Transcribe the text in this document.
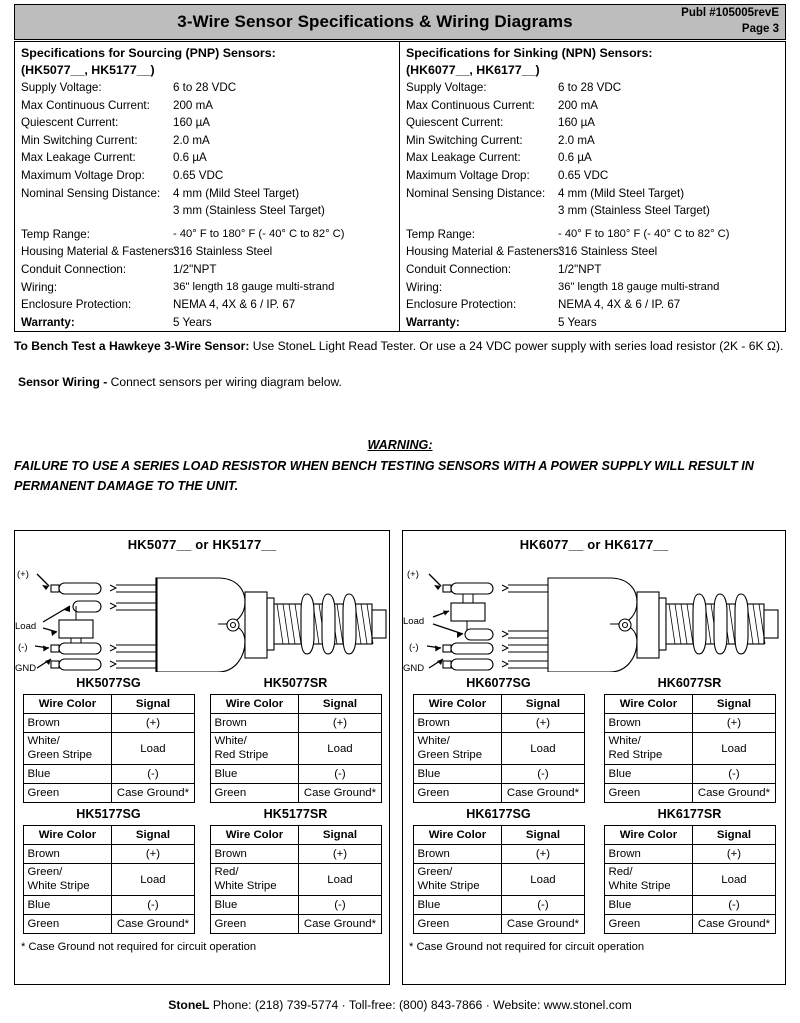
3-Wire Sensor Specifications & Wiring Diagrams	Publ #105005revE
Page 3
Specifications for Sourcing (PNP) Sensors:
(HK5077__, HK5177__)
Supply Voltage:	6 to 28 VDC
Max Continuous Current:	200 mA
Quiescent Current:	160 µA
Min Switching Current:	2.0 mA
Max Leakage Current:	0.6 µA
Maximum Voltage Drop:	0.65 VDC
Nominal Sensing Distance:	4 mm (Mild Steel Target)
3 mm (Stainless Steel Target)
Temp Range:	- 40° F to 180° F (- 40° C to 82° C)
Housing Material & Fasteners:
316 Stainless Steel
Conduit Connection:	1/2"NPT
Wiring:	36" length 18 gauge multi-strand
Enclosure Protection:	NEMA 4, 4X & 6 / IP. 67
Warranty:	5 Years
Specifications for Sinking (NPN) Sensors:
(HK6077__, HK6177__)
Supply Voltage:	6 to 28 VDC
Max Continuous Current:	200 mA
Quiescent Current:	160 µA
Min Switching Current:	2.0 mA
Max Leakage Current:	0.6 µA
Maximum Voltage Drop:	0.65 VDC
Nominal Sensing Distance:	4 mm (Mild Steel Target)
3 mm (Stainless Steel Target)
Temp Range:	- 40° F to 180° F (- 40° C to 82° C)
Housing Material & Fasteners:
316 Stainless Steel
Conduit Connection:	1/2"NPT
Wiring:	36" length 18 gauge multi-strand
Enclosure Protection:	NEMA 4, 4X & 6 / IP. 67
Warranty:	5 Years
To Bench Test a Hawkeye 3-Wire Sensor: Use StoneL Light Read Tester. Or use a 24 VDC power supply with series load resistor (2K - 6K Ω).
Sensor Wiring - Connect sensors per wiring diagram below.
WARNING:
FAILURE TO USE A SERIES LOAD RESISTOR WHEN BENCH TESTING SENSORS WITH A POWER SUPPLY WILL RESULT IN PERMANENT DAMAGE TO THE UNIT.
HK5077__ or HK5177__
(+)
Load
(-)
GND
HK5077SG
Wire Color	Signal
Brown	(+)
White/
Green Stripe	Load
Blue	(-)
Green	Case Ground*
HK5077SR
Wire Color	Signal
Brown	(+)
White/
Red Stripe	Load
Blue	(-)
Green	Case Ground*
HK5177SG
Wire Color	Signal
Brown	(+)
Green/
White Stripe	Load
Blue	(-)
Green	Case Ground*
HK5177SR
Wire Color	Signal
Brown	(+)
Red/
White Stripe	Load
Blue	(-)
Green	Case Ground*
* Case Ground not required for circuit operation
HK6077__ or HK6177__
(+)
Load
(-)
GND
HK6077SG
Wire Color	Signal
Brown	(+)
White/
Green Stripe	Load
Blue	(-)
Green	Case Ground*
HK6077SR
Wire Color	Signal
Brown	(+)
White/
Red Stripe	Load
Blue	(-)
Green	Case Ground*
HK6177SG
Wire Color	Signal
Brown	(+)
Green/
White Stripe	Load
Blue	(-)
Green	Case Ground*
HK6177SR
Wire Color	Signal
Brown	(+)
Red/
White Stripe	Load
Blue	(-)
Green	Case Ground*
* Case Ground not required for circuit operation
StoneL Phone: (218) 739-5774 · Toll-free: (800) 843-7866 · Website: www.stonel.com
